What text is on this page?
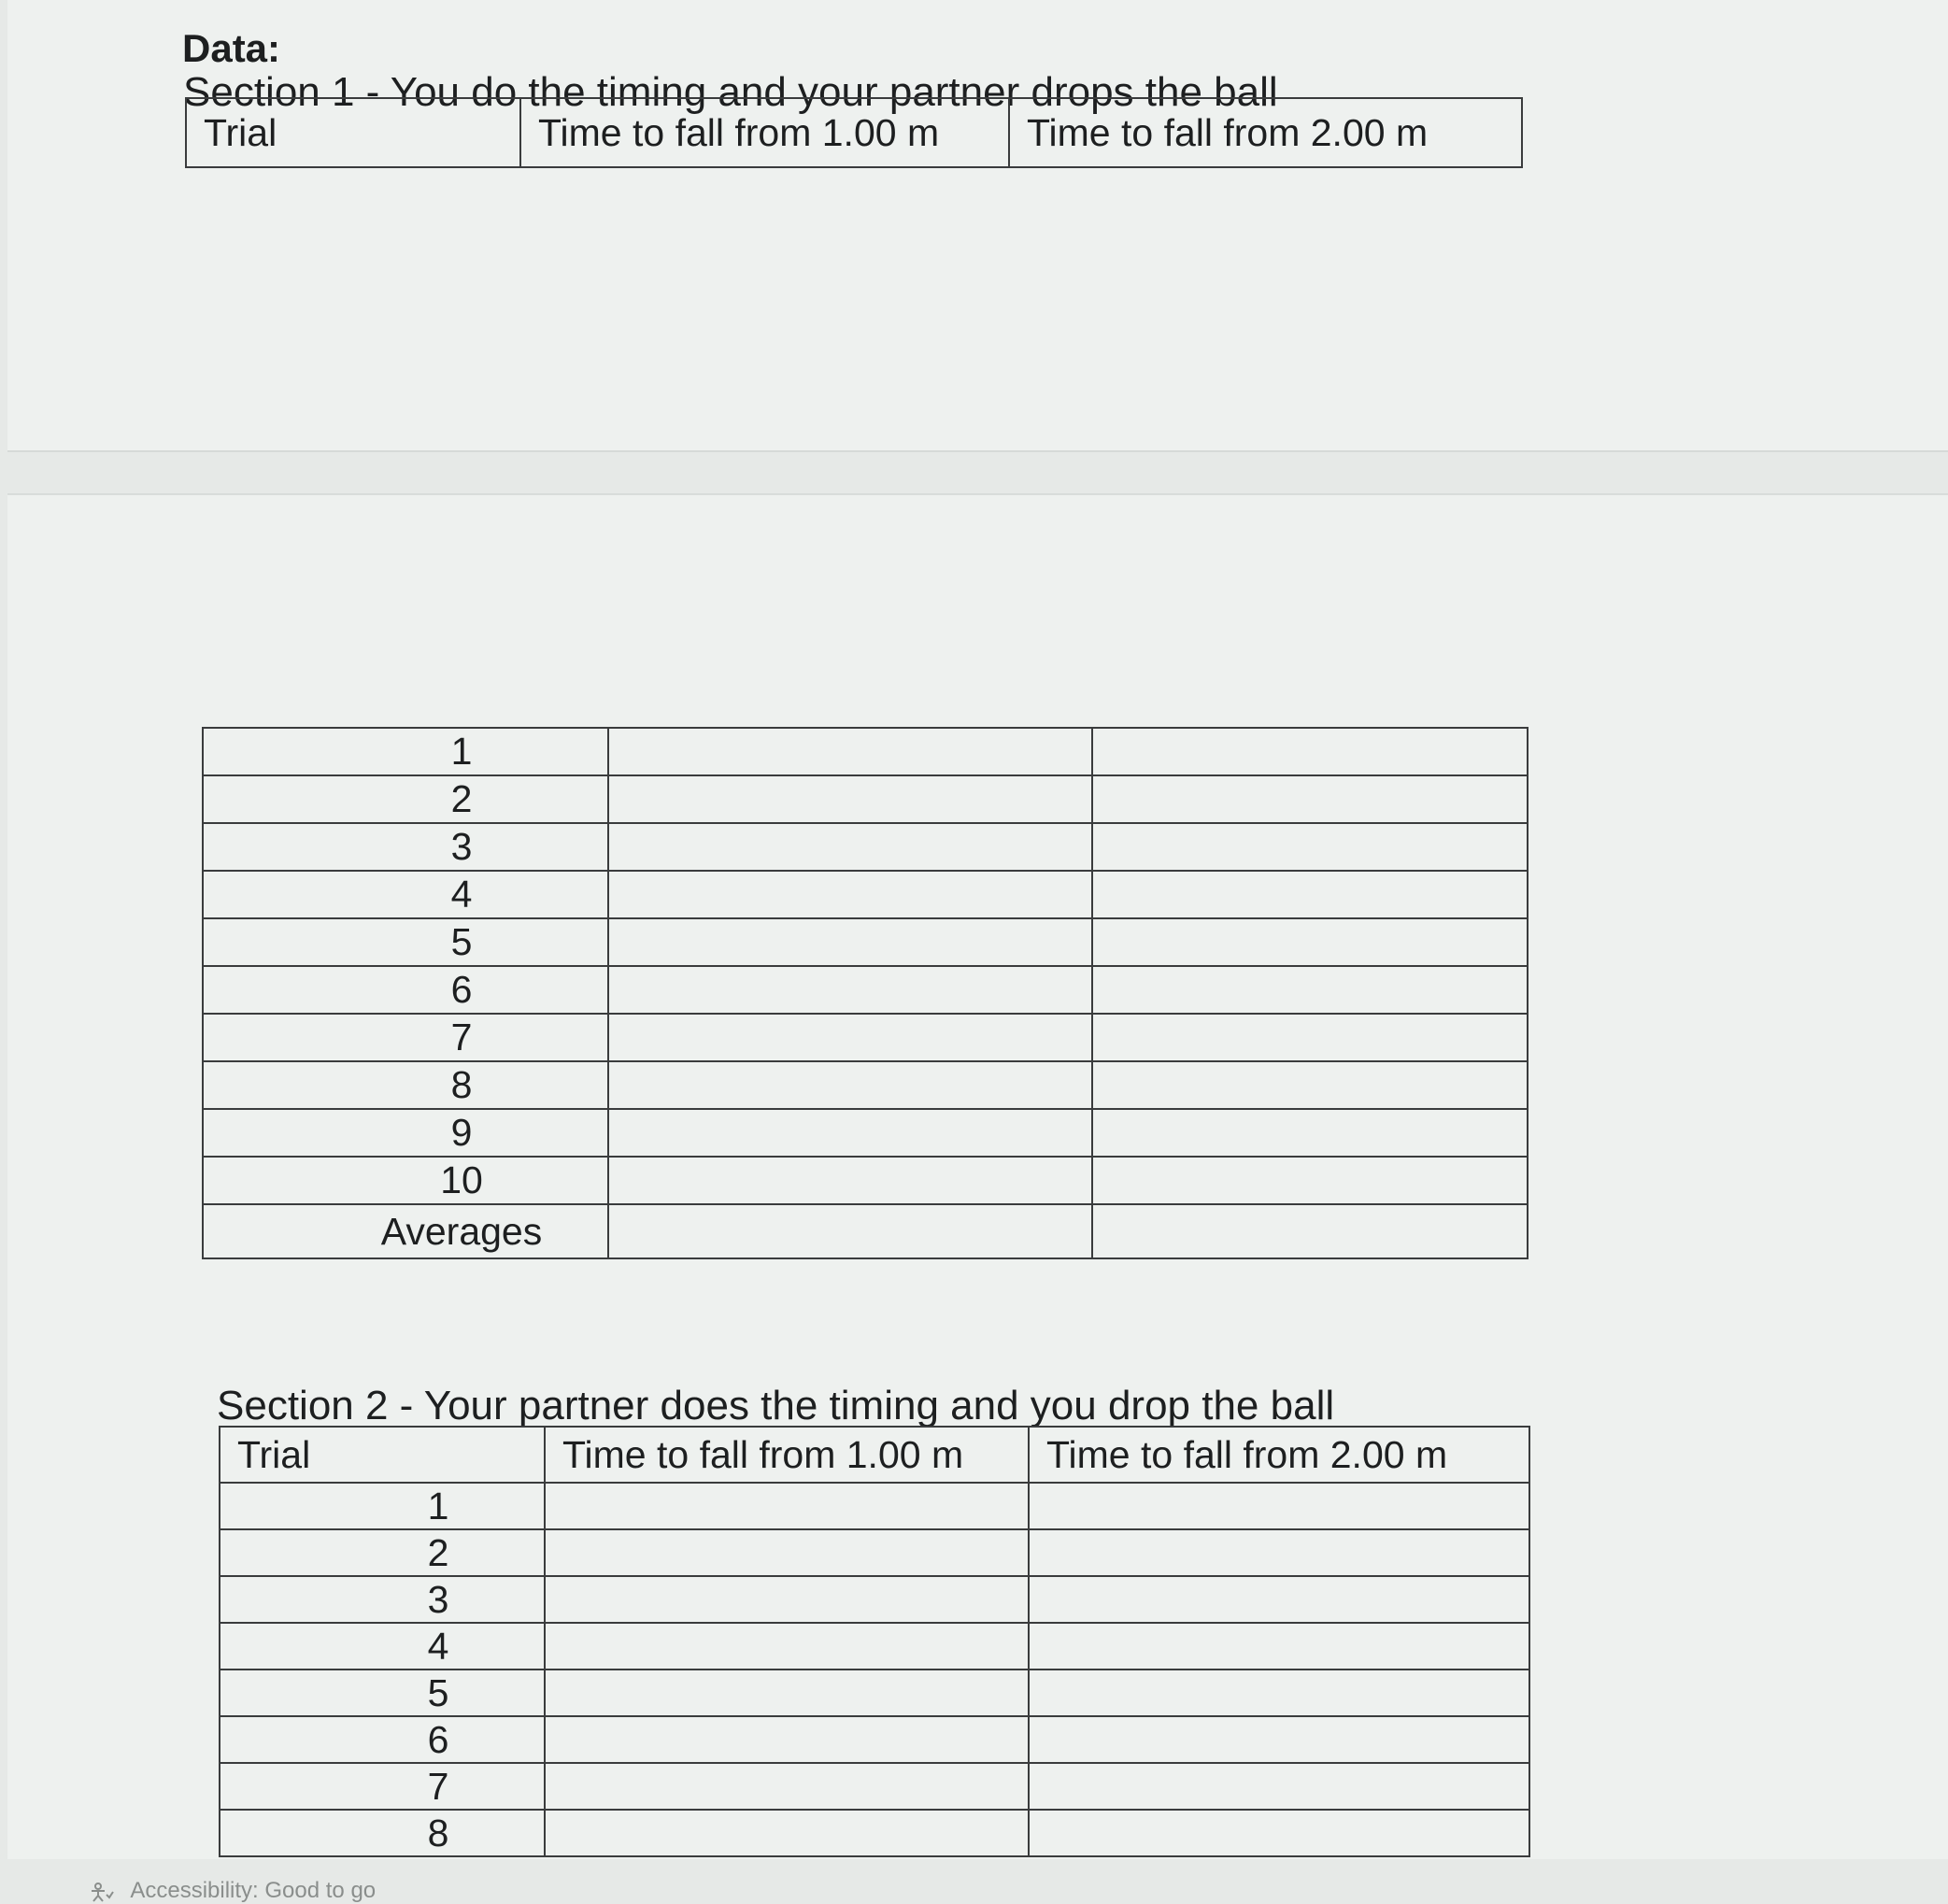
Data:

Section 1 - You do the timing and your partner drops the ball

Trial	Time to fall from 1.00 m	Time to fall from 2.00 m
1		
2		
3		
4		
5		
6		
7		
8		
9		
10		
Averages		

Section 2 - Your partner does the timing and you drop the ball

Trial	Time to fall from 1.00 m	Time to fall from 2.00 m
1		
2		
3		
4		
5		
6		
7		
8		
Accessibility: Good to go
